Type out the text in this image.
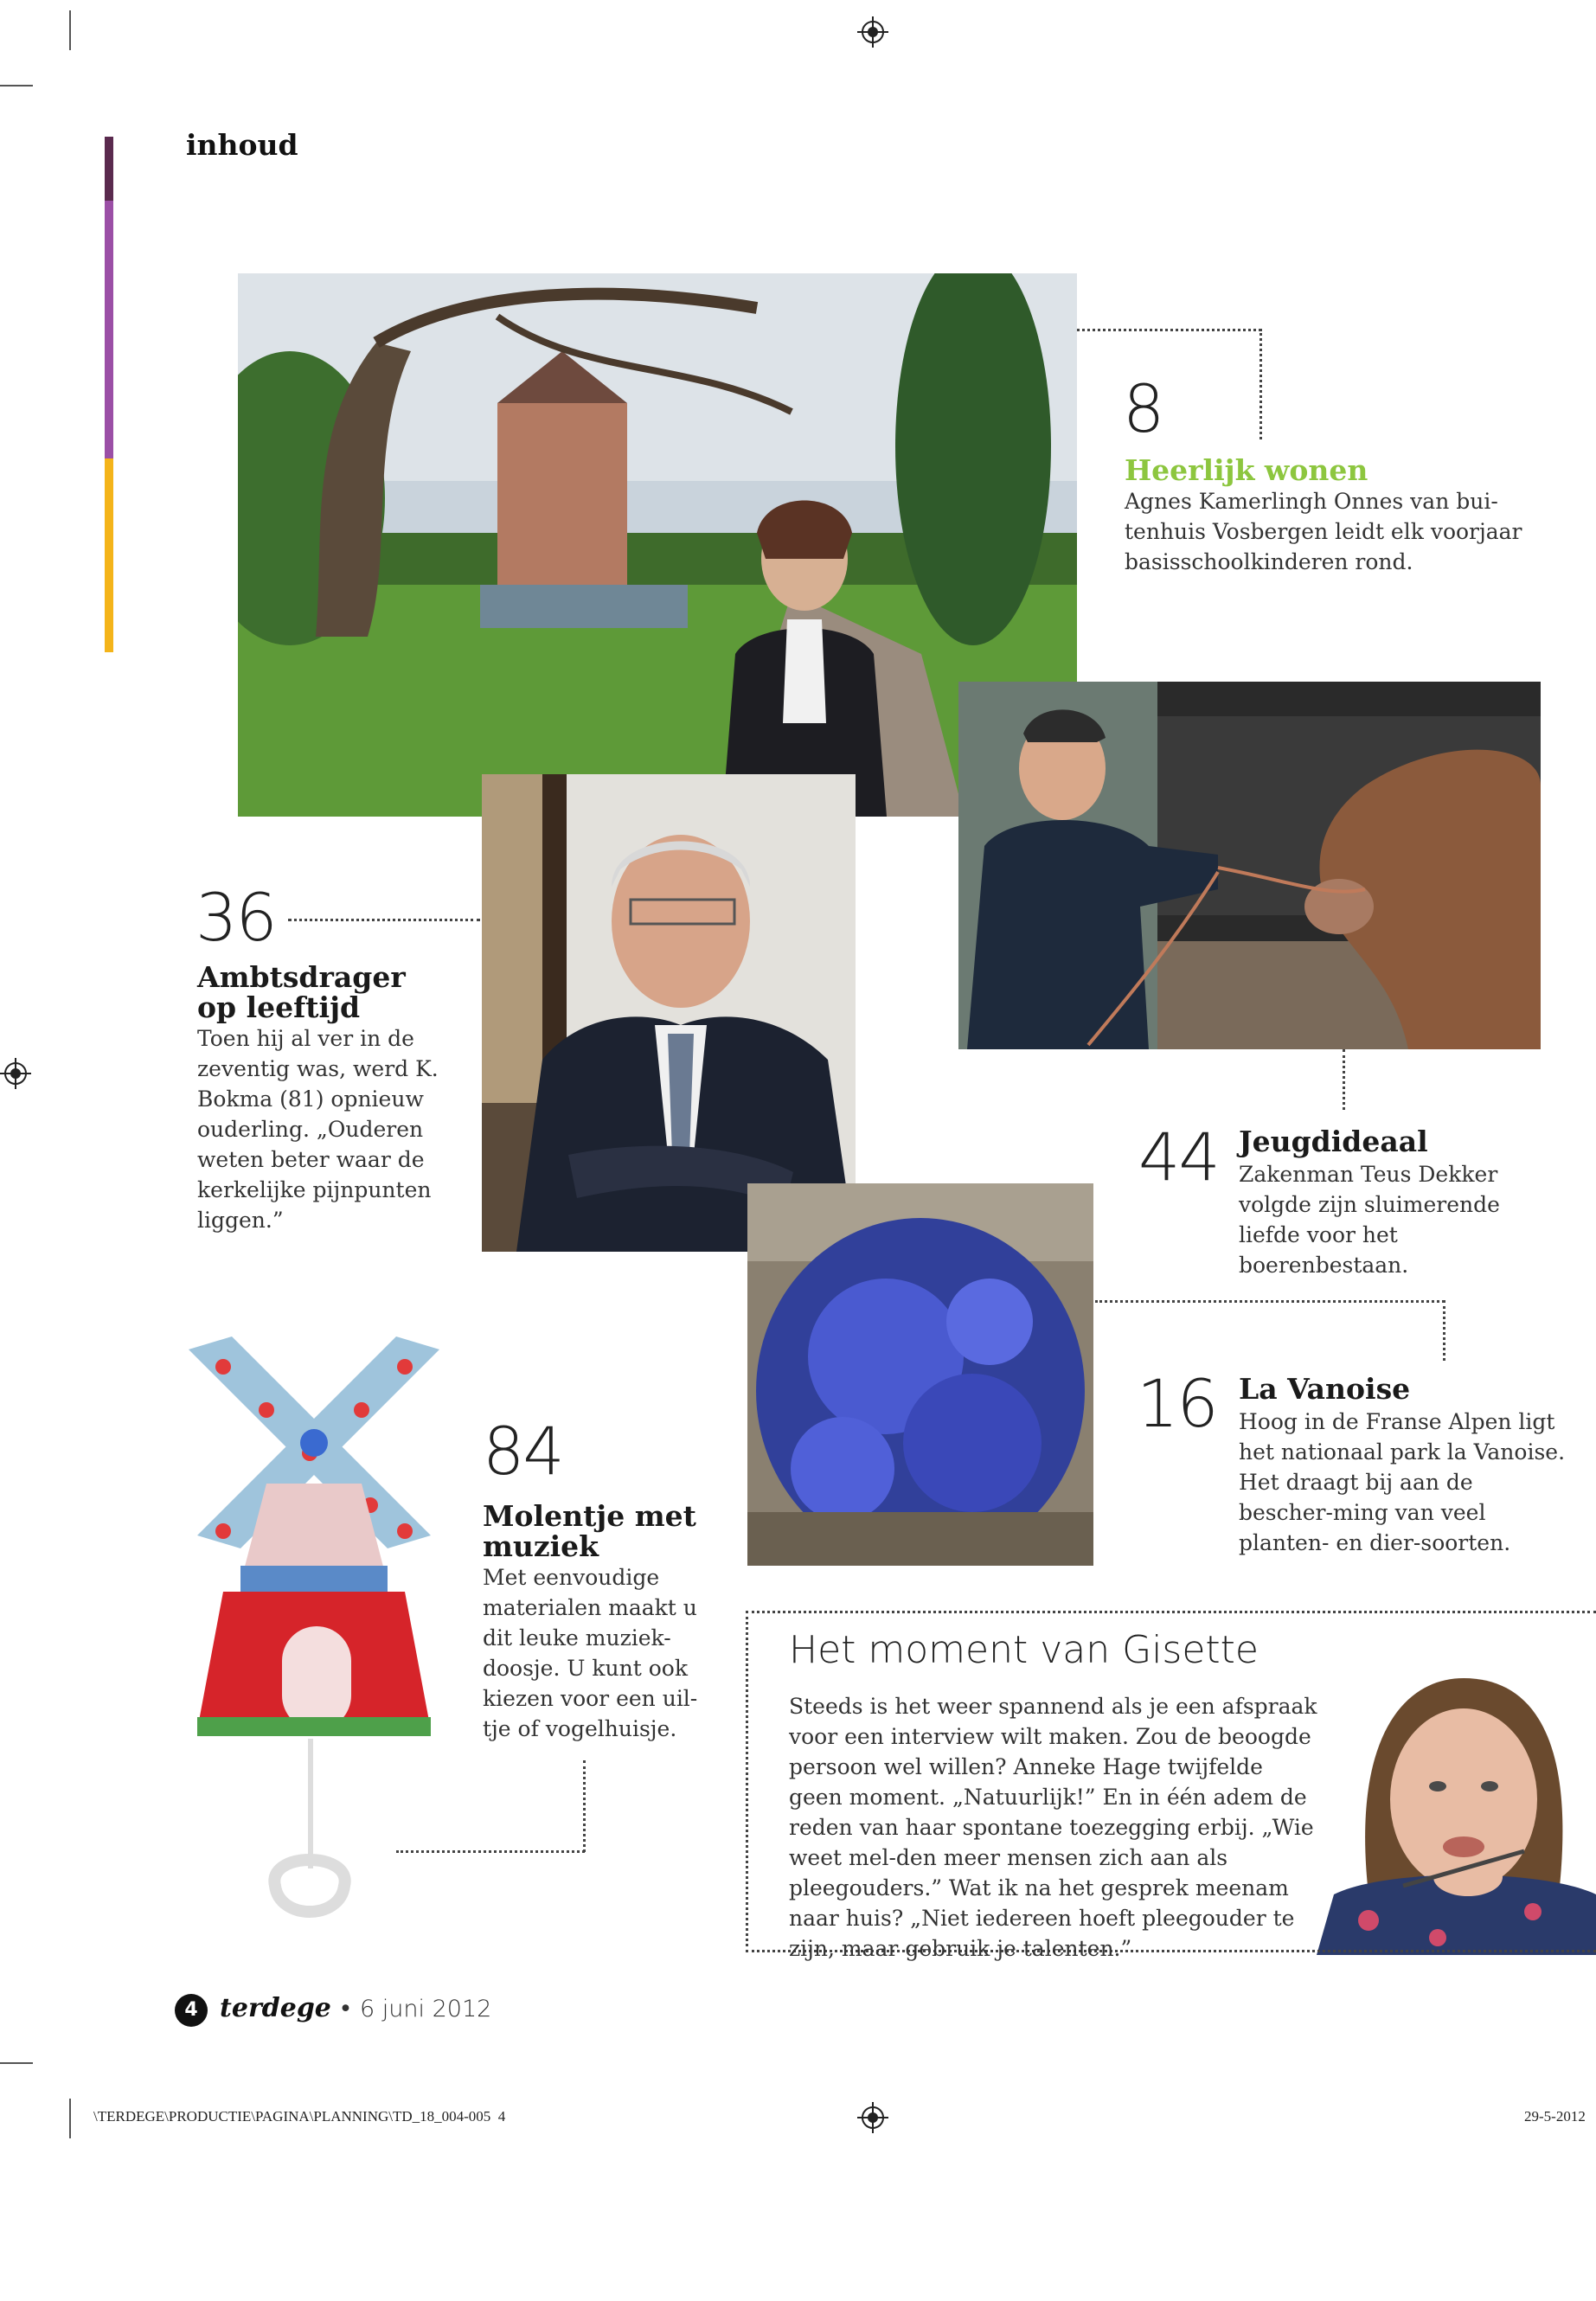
inhoud
8
Heerlijk wonen
Agnes Kamerlingh Onnes van bui-tenhuis Vosbergen leidt elk voorjaar basisschoolkinderen rond.
36
Ambtsdrager op leeftijd
Toen hij al ver in de zeventig was, werd K. Bokma (81) opnieuw ouderling. „Ouderen weten beter waar de kerkelijke pijnpunten liggen.”
44 Jeugdideaal
Zakenman Teus Dekker volgde zijn sluimerende liefde voor het boerenbestaan.
16 La Vanoise
Hoog in de Franse Alpen ligt het nationaal park la Vanoise. Het draagt bij aan de bescher-ming van veel planten- en dier-soorten.
84
Molentje met muziek
Met eenvoudige materialen maakt u dit leuke muziek-doosje. U kunt ook kiezen voor een uil-tje of vogelhuisje.
Het moment van Gisette
Steeds is het weer spannend als je een afspraak voor een interview wilt maken. Zou de beoogde persoon wel willen? Anneke Hage twijfelde geen moment. „Natuurlijk!” En in één adem de reden van haar spontane toezegging erbij. „Wie weet mel-den meer mensen zich aan als pleegouders.” Wat ik na het gesprek meenam naar huis? „Niet iedereen hoeft pleegouder te zijn, maar gebruik je talenten.”
4 terdege • 6 juni 2012
\TERDEGE\PRODUCTIE\PAGINA\PLANNING\TD_18_004-005  4	29-5-2012
